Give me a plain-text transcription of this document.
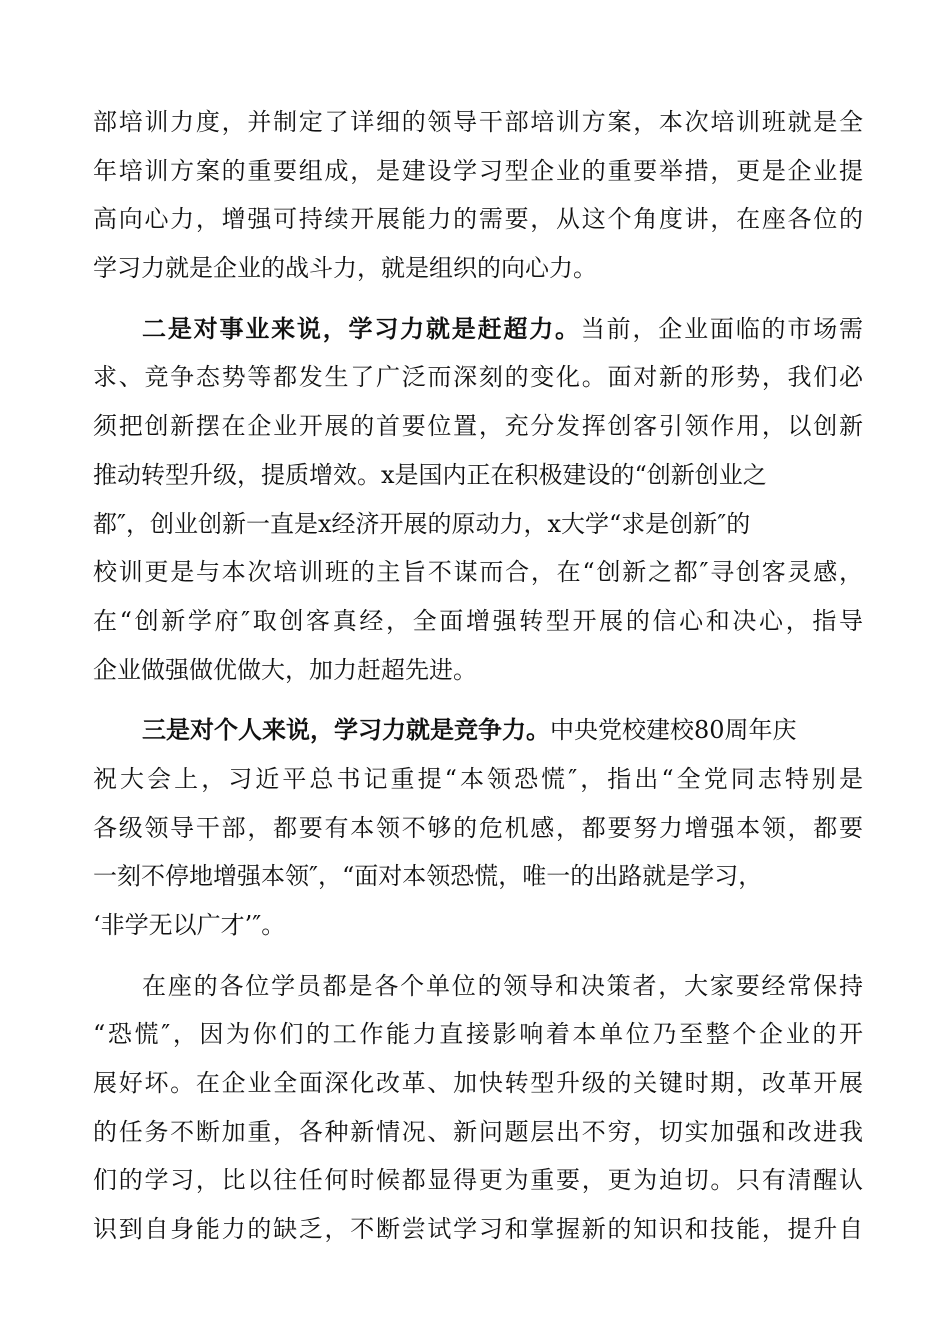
部培训力度，并制定了详细的领导干部培训方案，本次培训班就是全
年培训方案的重要组成，是建设学习型企业的重要举措，更是企业提
高向心力，增强可持续开展能力的需要，从这个角度讲，在座各位的
学习力就是企业的战斗力，就是组织的向心力。
二是对事业来说，学习力就是赶超力。当前，企业面临的市场需
求、竞争态势等都发生了广泛而深刻的变化。面对新的形势，我们必
须把创新摆在企业开展的首要位置，充分发挥创客引领作用，以创新
推动转型升级，提质增效。x是国内正在积极建设的“创新创业之
都″，创业创新一直是x经济开展的原动力，x大学“求是创新″的
校训更是与本次培训班的主旨不谋而合，在“创新之都″寻创客灵感，
在“创新学府″取创客真经，全面增强转型开展的信心和决心，指导
企业做强做优做大，加力赶超先进。
三是对个人来说，学习力就是竞争力。中央党校建校80周年庆
祝大会上，习近平总书记重提“本领恐慌″，指出“全党同志特别是
各级领导干部，都要有本领不够的危机感，都要努力增强本领，都要
一刻不停地增强本领″，“面对本领恐慌，唯一的出路就是学习，
‘非学无以广才’″。
在座的各位学员都是各个单位的领导和决策者，大家要经常保持
“恐慌″，因为你们的工作能力直接影响着本单位乃至整个企业的开
展好坏。在企业全面深化改革、加快转型升级的关键时期，改革开展
的任务不断加重，各种新情况、新问题层出不穷，切实加强和改进我
们的学习，比以往任何时候都显得更为重要，更为迫切。只有清醒认
识到自身能力的缺乏，不断尝试学习和掌握新的知识和技能，提升自
